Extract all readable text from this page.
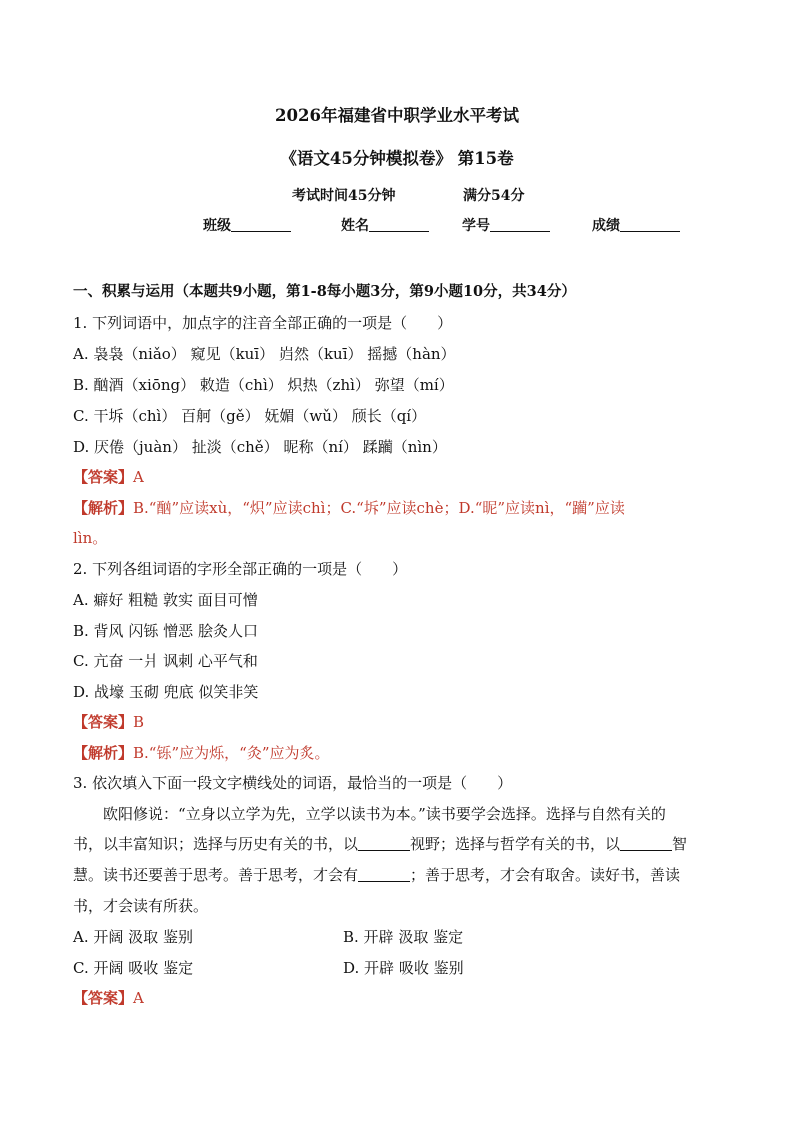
2026年福建省中职学业水平考试
《语文45分钟模拟卷》 第15卷
考试时间45分钟	满分54分
班级	姓名	学号	成绩
一、积累与运用（本题共9小题，第1-8每小题3分，第9小题10分，共34分）
1. 下列词语中，加点字的注音全部正确的一项是（　　）
A. 袅袅（niǎo） 窥见（kuī） 岿然（kuī） 摇撼（hàn）
B. 酗酒（xiōng） 敕造（chì） 炽热（zhì） 弥望（mí）
C. 干坼（chì） 百舸（gě） 妩媚（wǔ） 颀长（qí）
D. 厌倦（juàn） 扯淡（chě） 昵称（ní） 蹂躏（nìn）
【答案】A
【解析】B.“酗”应读xù，“炽”应读chì；C.“坼”应读chè；D.“昵”应读nì，“躏”应读
lìn。
2. 下列各组词语的字形全部正确的一项是（　　）
A. 癖好 粗糙 敦实 面目可憎
B. 背风 闪铄 憎恶 脍灸人口
C. 亢奋 一爿 讽刺 心平气和
D. 战壕 玉砌 兜底 似笑非笑
【答案】B
【解析】B.“铄”应为烁，“灸”应为炙。
3. 依次填入下面一段文字横线处的词语，最恰当的一项是（　　）
欧阳修说：“立身以立学为先，立学以读书为本。”读书要学会选择。选择与自然有关的
书，以丰富知识；选择与历史有关的书，以	视野；选择与哲学有关的书，以	智
慧。读书还要善于思考。善于思考，才会有	；善于思考，才会有取舍。读好书，善读
书，才会读有所获。
A. 开阔 汲取 鉴别	B. 开辟 汲取 鉴定
C. 开阔 吸收 鉴定	D. 开辟 吸收 鉴别
【答案】A
